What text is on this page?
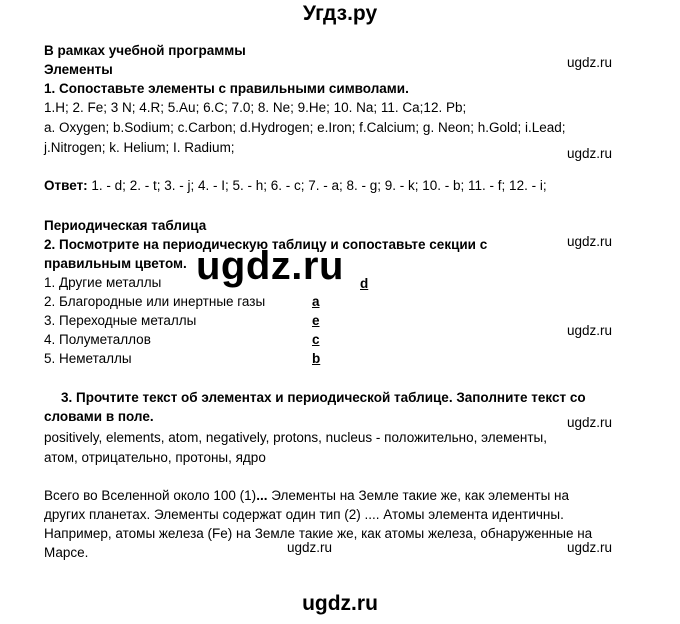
Угдз.ру
В рамках учебной программы
Элементы
1. Сопоставьте элементы с правильными символами.
1.H; 2. Fe; 3 N; 4.R; 5.Au; 6.C; 7.0; 8. Ne; 9.He; 10. Na; 11. Ca;12. Pb;
a. Oxygen; b.Sodium; c.Carbon; d.Hydrogen; e.Iron; f.Calcium; g. Neon; h.Gold; i.Lead;
j.Nitrogen; k. Helium; I. Radium;
Ответ: 1. - d; 2. - t; 3. - j; 4. - I; 5. - h; 6. - c; 7. - a; 8. - g; 9. - k; 10. - b; 11. - f; 12. - i;
Периодическая таблица
2. Посмотрите на периодическую таблицу и сопоставьте секции с
правильным цветом.
1. Другие металлы	d
2. Благородные или инертные газы	a
3. Переходные металлы	e
4. Полуметаллов	c
5. Неметаллы	b
3. Прочтите текст об элементах и периодической таблице. Заполните текст со
словами в поле.
positively, elements, atom, negatively, protons, nucleus - положительно, элементы,
атом, отрицательно, протоны, ядро
Всего во Вселенной около 100 (1)... Элементы на Земле такие же, как элементы на
других планетах. Элементы содержат один тип (2) .... Атомы элемента идентичны.
Например, атомы железа (Fe) на Земле такие же, как атомы железа, обнаруженные на
Марсе.
ugdz.ru
ugdz.ru
ugdz.ru
ugdz.ru
ugdz.ru
ugdz.ru	ugdz.ru
ugdz.ru
ugdz.ru
